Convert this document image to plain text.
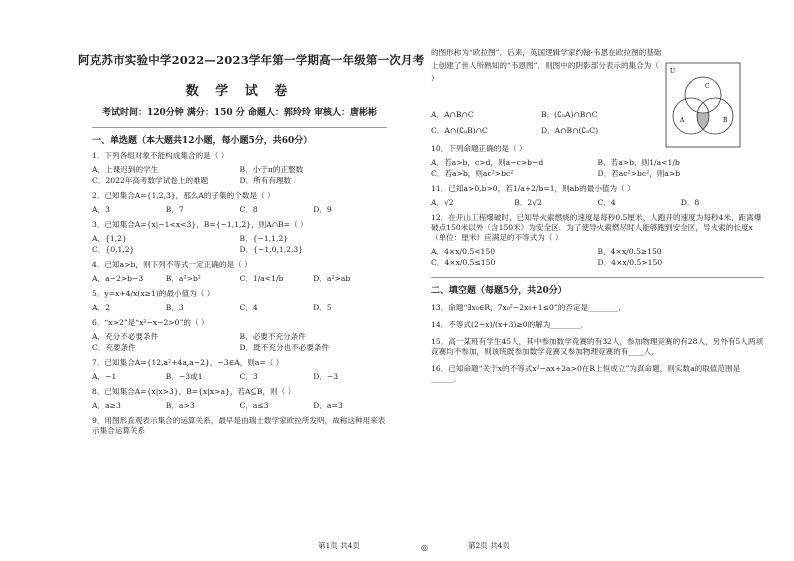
阿克苏市实验中学2022—2023学年第一学期高一年级第一次月考
数 学 试 卷
考试时间：120分钟 满分：150 分 命题人：郭玲玲 审核人：唐彬彬
一、单选题（本大题共12小题，每小题5分，共60分）
1．下列各组对象不能构成集合的是（ ）
A．上课迟到的学生	B．小于π的正整数
C．2022年高考数学试卷上的难题	D．所有有理数
2．已知集合A={1,2,3}，那么A的子集的个数是（ ）
A．3	B．7	C．8	D．9
3．已知集合A={x|−1<x<3}，B={−1,1,2}，则A∩B=（ ）
A．{1,2}	B．{−1,1,2}
C．{0,1,2}	D．{−1,0,1,2,3}
4．已知a>b，则下列不等式一定正确的是（ ）
A．a−2>b−3	B．a²>b²	C．1/a<1/b	D．a²>ab
5．y=x+4/x(x≥1)的最小值为（ ）
A．2	B．3	C．4	D．5
6．“x>2”是“x²−x−2>0”的（ ）
A．充分不必要条件	B．必要不充分条件
C．充要条件	D．既不充分也不必要条件
7．已知集合A={12,a²+4a,a−2}，−3∈A，则a=（ ）
A．−1	B．−3或1	C．3	D．−3
8．已知集合A={x|x>3}，B={x|x>a}，若A⊆B，则（ ）
A．a≥3	B．a>3	C．a≤3	D．a=3
9．用图形直观表示集合的运算关系，最早是由瑞士数学家欧拉所发明，故称这种用来表示集合运算关系
的图形称为“欧拉图”．后来，英国逻辑学家约翰·韦恩在欧拉图的基础上创建了世人所熟知的“韦恩图”．则图中的阴影部分表示的集合为（ ）
U
C
A	B
A．A∩B∩C	B．(∁ᵤA)∩B∩C
C．A∩(∁ᵤB)∩C	D．A∩B∩(∁ᵤC)
10．下列命题正确的是（ ）
A．若a>b，c>d，则a−c>b−d	B．若a>b，则1/a<1/b
C．若a>b，则ac²>bc²	D．若ac²>bc²，则a>b
11．已知a>0,b>0，若1/a+2/b=1，则ab的最小值为（ ）
A．√2	B．2√2	C．4	D．8
12．在开山工程爆破时，已知导火索燃烧的速度是每秒0.5厘米，人跑开的速度为每秒4米，距离爆破点150米以外（含150米）为安全区．为了使导火索燃尽时人能够跑到安全区，导火索的长度x（单位：厘米）应满足的不等式为（ ）
A．4×x/0.5<150	B．4×x/0.5≥150
C．4×x/0.5≤150	D．4×x/0.5>150
二、填空题（每题5分，共20分）
13．命题“∃x₀∈R，7x₀²−2x₀+1≤0”的否定是________．
14．不等式(2−x)/(x+3)≥0的解为________．
15．高一某班有学生45人，其中参加数学竞赛的有32人，参加物理竞赛的有28人，另外有5人两项竞赛均不参加，则该班既参加数学竞赛又参加物理竞赛的有____人．
16．已知命题“关于x的不等式x²−ax+2a>0在R上恒成立”为真命题，则实数a的取值范围是______．
第1页 共4页	◎	第2页 共4页
